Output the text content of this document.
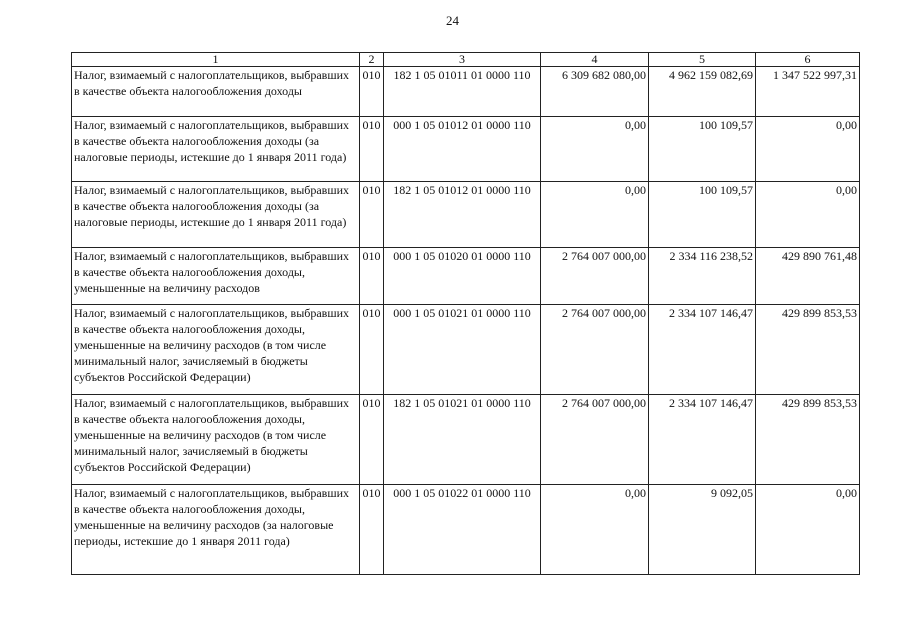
24
1	2	3	4	5	6
Налог, взимаемый с налогоплательщиков, выбравших в качестве объекта налогообложения доходы	010	182 1 05 01011 01 0000 110	6 309 682 080,00	4 962 159 082,69	1 347 522 997,31
Налог, взимаемый с налогоплательщиков, выбравших в качестве объекта налогообложения доходы (за налоговые периоды, истекшие до 1 января 2011 года)	010	000 1 05 01012 01 0000 110	0,00	100 109,57	0,00
Налог, взимаемый с налогоплательщиков, выбравших в качестве объекта налогообложения доходы (за налоговые периоды, истекшие до 1 января 2011 года)	010	182 1 05 01012 01 0000 110	0,00	100 109,57	0,00
Налог, взимаемый с налогоплательщиков, выбравших в качестве объекта налогообложения доходы, уменьшенные на величину расходов	010	000 1 05 01020 01 0000 110	2 764 007 000,00	2 334 116 238,52	429 890 761,48
Налог, взимаемый с налогоплательщиков, выбравших в качестве объекта налогообложения доходы, уменьшенные на величину расходов (в том числе минимальный налог, зачисляемый в бюджеты субъектов Российской Федерации)	010	000 1 05 01021 01 0000 110	2 764 007 000,00	2 334 107 146,47	429 899 853,53
Налог, взимаемый с налогоплательщиков, выбравших в качестве объекта налогообложения доходы, уменьшенные на величину расходов (в том числе минимальный налог, зачисляемый в бюджеты субъектов Российской Федерации)	010	182 1 05 01021 01 0000 110	2 764 007 000,00	2 334 107 146,47	429 899 853,53
Налог, взимаемый с налогоплательщиков, выбравших в качестве объекта налогообложения доходы, уменьшенные на величину расходов (за налоговые периоды, истекшие до 1 января 2011 года)	010	000 1 05 01022 01 0000 110	0,00	9 092,05	0,00
